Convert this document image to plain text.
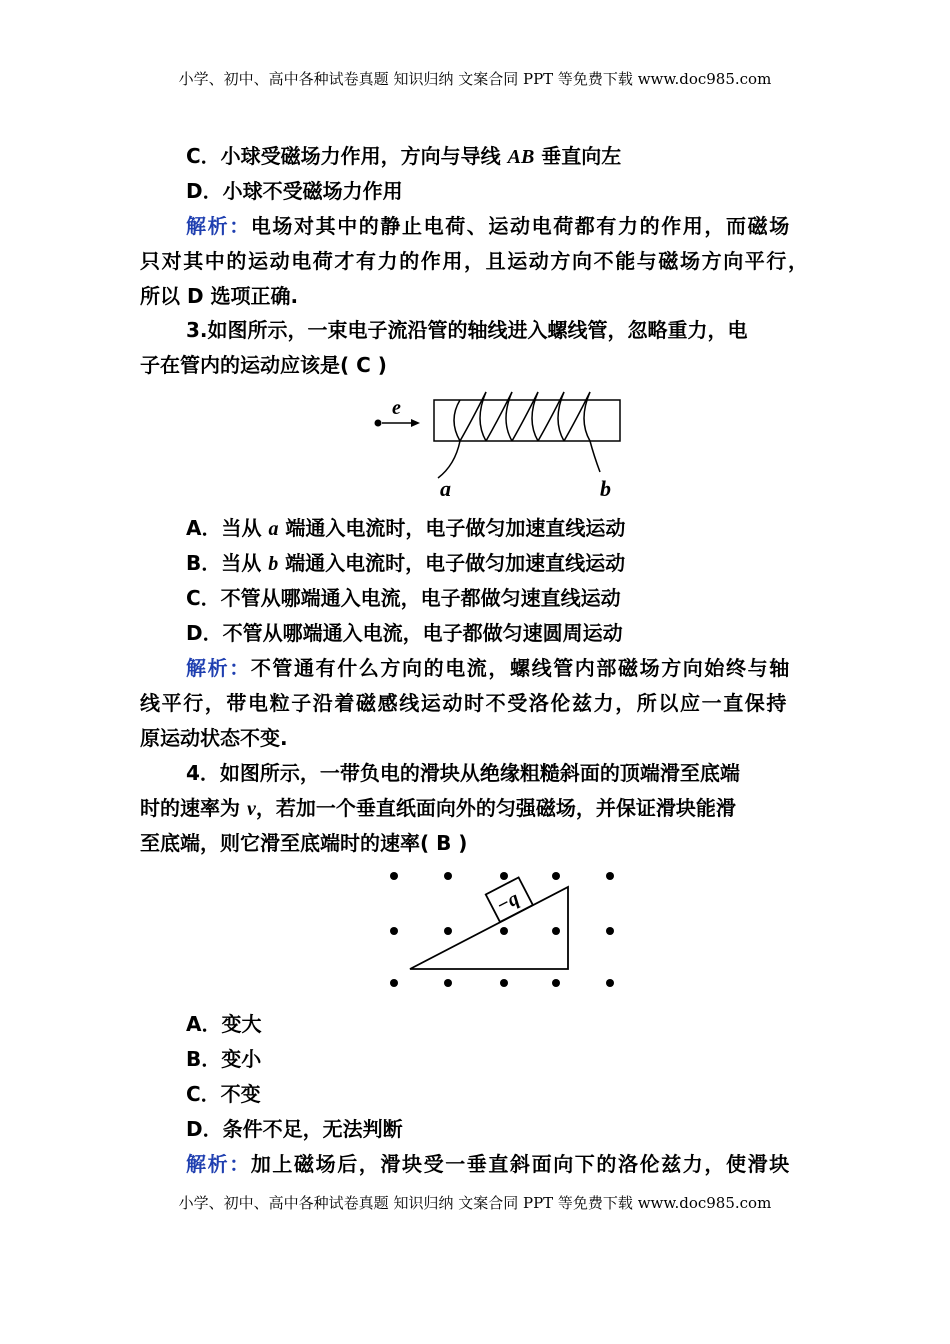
小学、初中、高中各种试卷真题 知识归纳 文案合同 PPT 等免费下载 www.doc985.com
C．小球受磁场力作用，方向与导线 AB 垂直向左
D．小球不受磁场力作用
解析：电场对其中的静止电荷、运动电荷都有力的作用，而磁场
只对其中的运动电荷才有力的作用，且运动方向不能与磁场方向平行，
所以 D 选项正确.
3.如图所示，一束电子流沿管的轴线进入螺线管，忽略重力，电
子在管内的运动应该是( C )
e
a	b
A．当从 a 端通入电流时，电子做匀加速直线运动
B．当从 b 端通入电流时，电子做匀加速直线运动
C．不管从哪端通入电流，电子都做匀速直线运动
D．不管从哪端通入电流，电子都做匀速圆周运动
解析：不管通有什么方向的电流，螺线管内部磁场方向始终与轴
线平行，带电粒子沿着磁感线运动时不受洛伦兹力，所以应一直保持
原运动状态不变.
4．如图所示，一带负电的滑块从绝缘粗糙斜面的顶端滑至底端
时的速率为 v，若加一个垂直纸面向外的匀强磁场，并保证滑块能滑
至底端，则它滑至底端时的速率( B )
−q
A．变大
B．变小
C．不变
D．条件不足，无法判断
解析：加上磁场后，滑块受一垂直斜面向下的洛伦兹力，使滑块
小学、初中、高中各种试卷真题 知识归纳 文案合同 PPT 等免费下载 www.doc985.com
